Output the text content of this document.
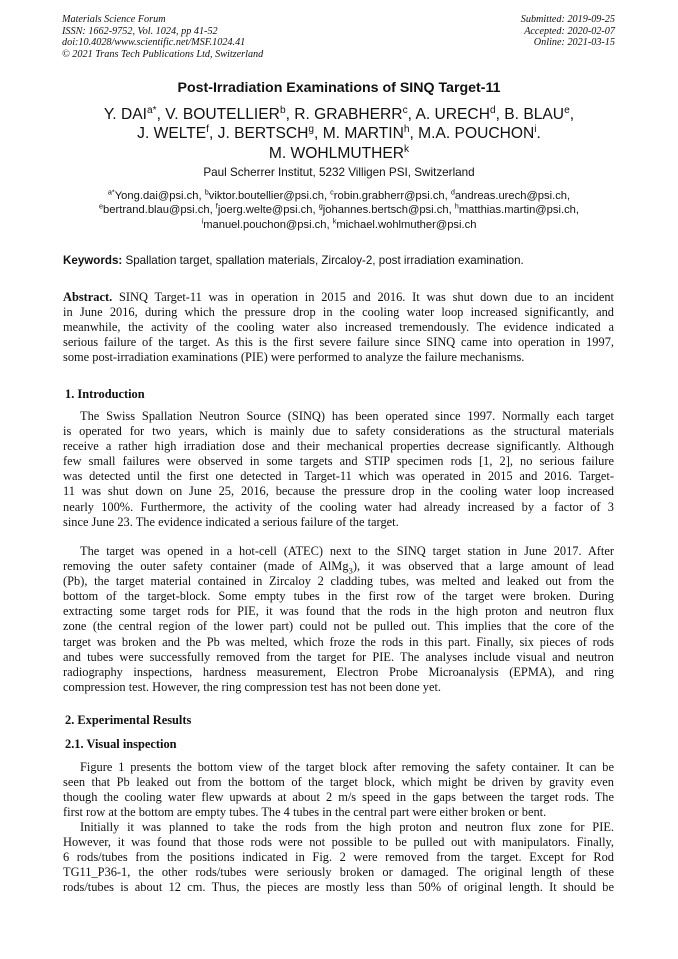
Materials Science Forum
ISSN: 1662-9752, Vol. 1024, pp 41-52
doi:10.4028/www.scientific.net/MSF.1024.41
© 2021 Trans Tech Publications Ltd, Switzerland
Submitted: 2019-09-25
Accepted: 2020-02-07
Online: 2021-03-15
Post-Irradiation Examinations of SINQ Target-11
Y. $DAI^{a*}$, V. BOUTELLIER$^b$, R. GRABHERR$^c$, A. URECH$^d$, B. BLAU$^e$,
J. WELTE$^f$, J. BERTSCH$^g$, M. MARTIN$^h$, M.A. POUCHON$^i$.
M. WOHLMUTHER$^k$
Paul Scherrer Institut, 5232 Villigen PSI, Switzerland
$^{a*}$Yong.dai@psi.ch, $^b$viktor.boutellier@psi.ch, $^c$robin.grabherr@psi.ch, $^d$andreas.urech@psi.ch,
$^e$bertrand.blau@psi.ch, $^f$joerg.welte@psi.ch, $^g$johannes.bertsch@psi.ch, $^h$matthias.martin@psi.ch,
$^i$manuel.pouchon@psi.ch, $^k$michael.wohlmuther@psi.ch
Keywords: Spallation target, spallation materials, Zircaloy-2, post irradiation examination.
Abstract. SINQ Target-11 was in operation in 2015 and 2016. It was shut down due to an incident
in June 2016, during which the pressure drop in the cooling water loop increased significantly, and
meanwhile, the activity of the cooling water also increased tremendously. The evidence indicated a
serious failure of the target. As this is the first severe failure since SINQ came into operation in 1997,
some post-irradiation examinations (PIE) were performed to analyze the failure mechanisms.
1. Introduction
The Swiss Spallation Neutron Source (SINQ) has been operated since 1997. Normally each target
is operated for two years, which is mainly due to safety considerations as the structural materials
receive a rather high irradiation dose and their mechanical properties decrease significantly. Although
few small failures were observed in some targets and STIP specimen rods [1, 2], no serious failure
was detected until the first one detected in Target-11 which was operated in 2015 and 2016. Target-
11 was shut down on June 25, 2016, because the pressure drop in the cooling water loop increased
nearly 100%. Furthermore, the activity of the cooling water had already increased by a factor of 3
since June 23. The evidence indicated a serious failure of the target.
The target was opened in a hot-cell (ATEC) next to the SINQ target station in June 2017. After
removing the outer safety container (made of AlMg$_3$), it was observed that a large amount of lead
(Pb), the target material contained in Zircaloy 2 cladding tubes, was melted and leaked out from the
bottom of the target-block. Some empty tubes in the first row of the target were broken. During
extracting some target rods for PIE, it was found that the rods in the high proton and neutron flux
zone (the central region of the lower part) could not be pulled out. This implies that the core of the
target was broken and the Pb was melted, which froze the rods in this part. Finally, six pieces of rods
and tubes were successfully removed from the target for PIE. The analyses include visual and neutron
radiography inspections, hardness measurement, Electron Probe Microanalysis (EPMA), and ring
compression test. However, the ring compression test has not been done yet.
2. Experimental Results
2.1. Visual inspection
Figure 1 presents the bottom view of the target block after removing the safety container. It can be
seen that Pb leaked out from the bottom of the target block, which might be driven by gravity even
though the cooling water flew upwards at about 2 m/s speed in the gaps between the target rods. The
first row at the bottom are empty tubes. The 4 tubes in the central part were either broken or bent.
Initially it was planned to take the rods from the high proton and neutron flux zone for PIE.
However, it was found that those rods were not possible to be pulled out with manipulators. Finally,
6 rods/tubes from the positions indicated in Fig. 2 were removed from the target. Except for Rod
TG11_P36-1, the other rods/tubes were seriously broken or damaged. The original length of these
rods/tubes is about 12 cm. Thus, the pieces are mostly less than 50% of original length. It should be
